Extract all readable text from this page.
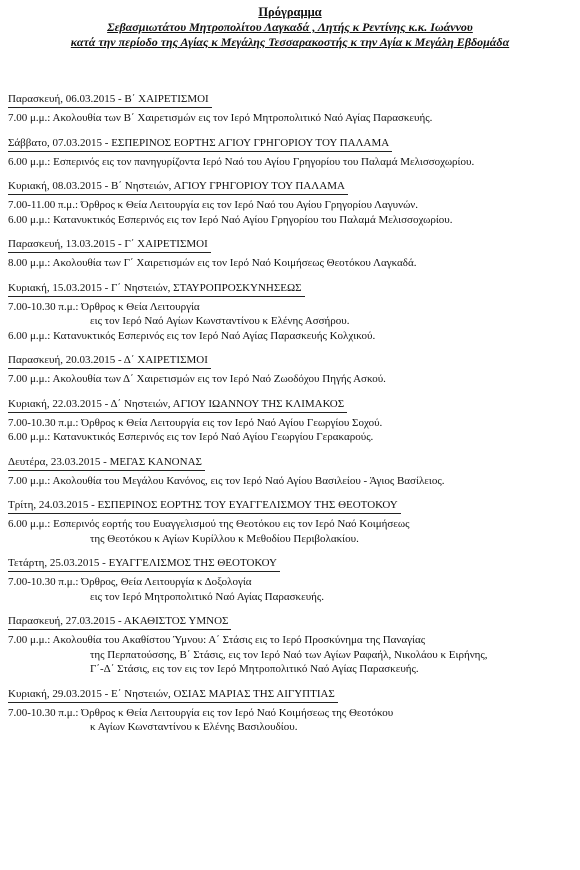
Πρόγραμμα
Σεβασμιωτάτου Μητροπολίτου Λαγκαδά , Λητής κ Ρεντίνης κ.κ. Ιωάννου
κατά την περίοδο της Αγίας κ Μεγάλης Τεσσαρακοστής κ την Αγία κ Μεγάλη Εβδομάδα
Παρασκευή, 06.03.2015 - Β΄ ΧΑΙΡΕΤΙΣΜΟΙ
7.00 μ.μ.: Ακολουθία των Β΄ Χαιρετισμών εις τον Ιερό Μητροπολιτικό Ναό Αγίας Παρασκευής.
Σάββατο, 07.03.2015 - ΕΣΠΕΡΙΝΟΣ ΕΟΡΤΗΣ ΑΓΙΟΥ ΓΡΗΓΟΡΙΟΥ ΤΟΥ ΠΑΛΑΜΑ
6.00 μ.μ.: Εσπερινός εις τον πανηγυρίζοντα Ιερό Ναό του Αγίου Γρηγορίου του Παλαμά Μελισσοχωρίου.
Κυριακή, 08.03.2015 - Β΄ Νηστειών, ΑΓΙΟΥ ΓΡΗΓΟΡΙΟΥ ΤΟΥ ΠΑΛΑΜΑ
7.00-11.00 π.μ.: Όρθρος κ Θεία Λειτουργία εις τον Ιερό Ναό του Αγίου Γρηγορίου Λαγυνών.
6.00 μ.μ.: Κατανυκτικός Εσπερινός εις τον Ιερό Ναό Αγίου Γρηγορίου του Παλαμά Μελισσοχωρίου.
Παρασκευή, 13.03.2015 - Γ΄ ΧΑΙΡΕΤΙΣΜΟΙ
8.00 μ.μ.: Ακολουθία των Γ΄ Χαιρετισμών εις τον Ιερό Ναό Κοιμήσεως Θεοτόκου Λαγκαδά.
Κυριακή, 15.03.2015 - Γ΄ Νηστειών, ΣΤΑΥΡΟΠΡΟΣΚΥΝΗΣΕΩΣ
7.00-10.30 π.μ.: Όρθρος κ Θεία Λειτουργία
εις τον Ιερό Ναό Αγίων Κωνσταντίνου κ Ελένης Ασσήρου.
6.00 μ.μ.: Κατανυκτικός Εσπερινός εις τον Ιερό Ναό Αγίας Παρασκευής Κολχικού.
Παρασκευή, 20.03.2015 - Δ΄ ΧΑΙΡΕΤΙΣΜΟΙ
7.00 μ.μ.: Ακολουθία των Δ΄ Χαιρετισμών εις τον Ιερό Ναό Ζωοδόχου Πηγής Ασκού.
Κυριακή, 22.03.2015 - Δ΄ Νηστειών, ΑΓΙΟΥ ΙΩΑΝΝΟΥ ΤΗΣ ΚΛΙΜΑΚΟΣ
7.00-10.30 π.μ.: Όρθρος κ Θεία Λειτουργία εις τον Ιερό Ναό Αγίου Γεωργίου Σοχού.
6.00 μ.μ.: Κατανυκτικός Εσπερινός εις τον Ιερό Ναό Αγίου Γεωργίου Γερακαρούς.
Δευτέρα, 23.03.2015 - ΜΕΓΑΣ ΚΑΝΟΝΑΣ
7.00 μ.μ.: Ακολουθία του Μεγάλου Κανόνος, εις τον Ιερό Ναό Αγίου Βασιλείου - Άγιος Βασίλειος.
Τρίτη, 24.03.2015 - ΕΣΠΕΡΙΝΟΣ ΕΟΡΤΗΣ ΤΟΥ ΕΥΑΓΓΕΛΙΣΜΟΥ ΤΗΣ ΘΕΟΤΟΚΟΥ
6.00 μ.μ.: Εσπερινός εορτής του Ευαγγελισμού της Θεοτόκου εις τον Ιερό Ναό Κοιμήσεως
της Θεοτόκου κ Αγίων Κυρίλλου κ Μεθοδίου Περιβολακίου.
Τετάρτη, 25.03.2015 - ΕΥΑΓΓΕΛΙΣΜΟΣ ΤΗΣ ΘΕΟΤΟΚΟΥ
7.00-10.30 π.μ.: Όρθρος, Θεία Λειτουργία κ Δοξολογία
εις τον Ιερό Μητροπολιτικό Ναό Αγίας Παρασκευής.
Παρασκευή, 27.03.2015 - ΑΚΑΘΙΣΤΟΣ ΥΜΝΟΣ
7.00 μ.μ.: Ακολουθία του Ακαθίστου Ύμνου: Α΄ Στάσις εις το Ιερό Προσκύνημα της Παναγίας
της Περπατούσσης, Β΄ Στάσις, εις τον Ιερό Ναό των Αγίων Ραφαήλ, Νικολάου κ Ειρήνης,
Γ΄-Δ΄ Στάσις, εις τον εις τον Ιερό Μητροπολιτικό Ναό Αγίας Παρασκευής.
Κυριακή, 29.03.2015 - Ε΄ Νηστειών, ΟΣΙΑΣ ΜΑΡΙΑΣ ΤΗΣ ΑΙΓΥΠΤΙΑΣ
7.00-10.30 π.μ.: Όρθρος κ Θεία Λειτουργία εις τον Ιερό Ναό Κοιμήσεως της Θεοτόκου
κ Αγίων Κωνσταντίνου κ Ελένης Βασιλουδίου.
